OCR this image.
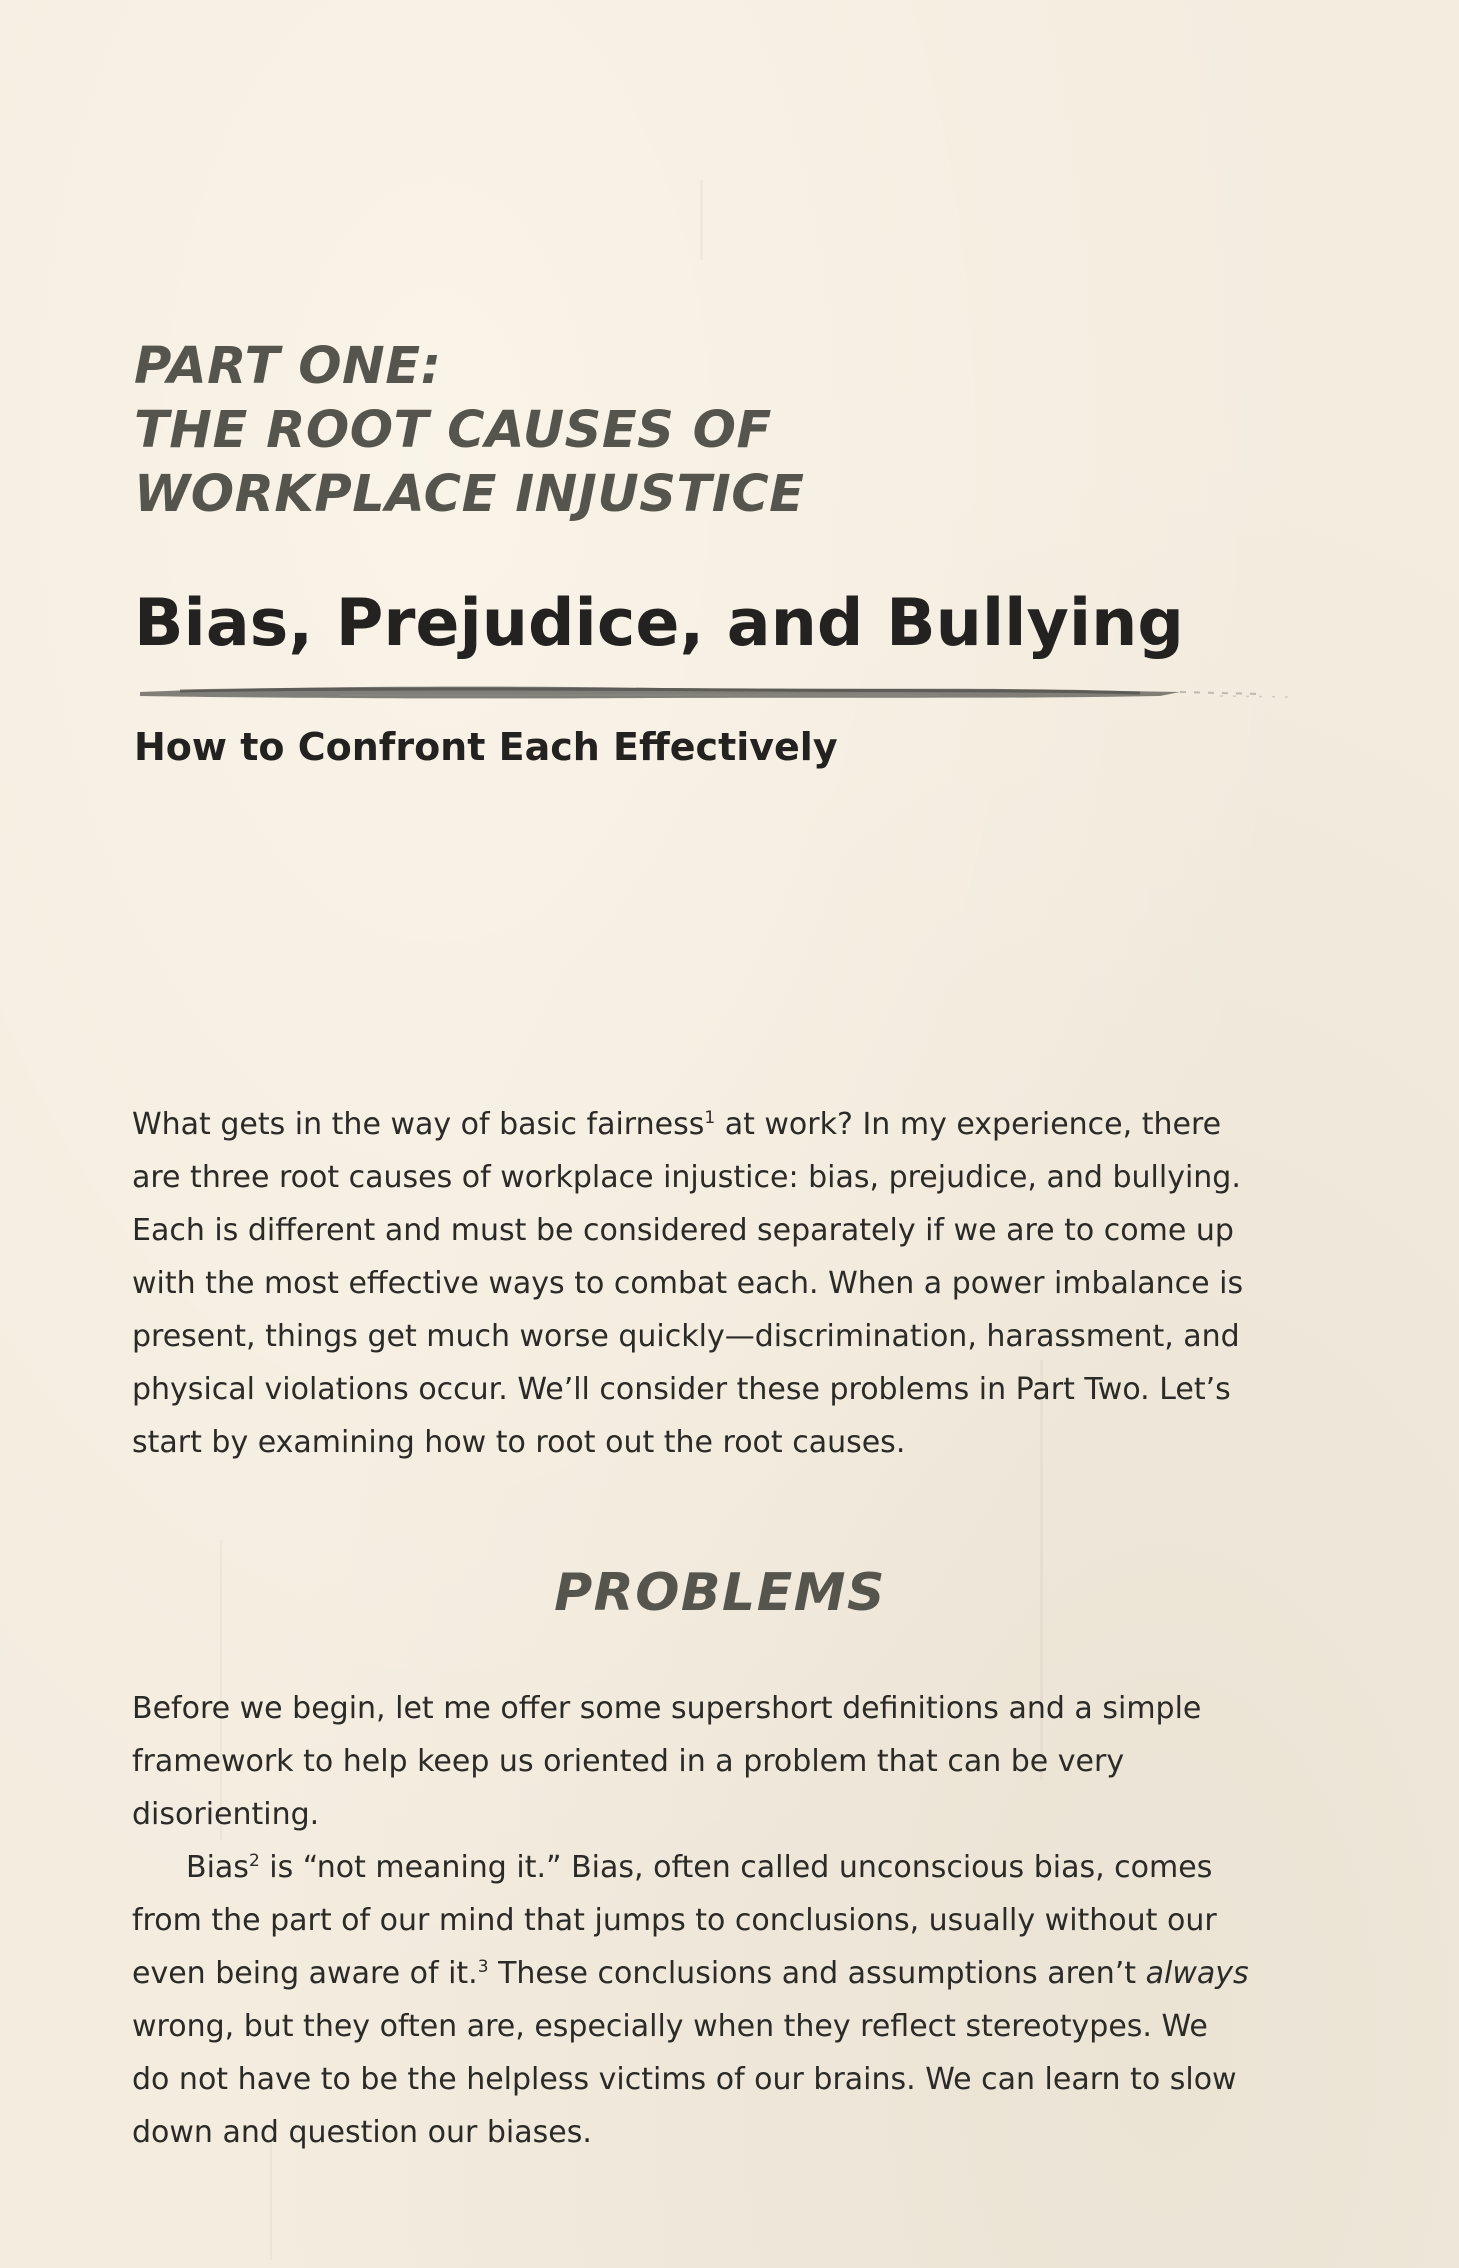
PART ONE:
THE ROOT CAUSES OF
WORKPLACE INJUSTICE
Bias, Prejudice, and Bullying
How to Confront Each Effectively
What gets in the way of basic fairness$^1$ at work? In my experience, there
are three root causes of workplace injustice: bias, prejudice, and bullying.
Each is different and must be considered separately if we are to come up
with the most effective ways to combat each. When a power imbalance is
present, things get much worse quickly—discrimination, harassment, and
physical violations occur. We’ll consider these problems in Part Two. Let’s
start by examining how to root out the root causes.
PROBLEMS
Before we begin, let me offer some supershort definitions and a simple
framework to help keep us oriented in a problem that can be very
disorienting.
Bias$^2$ is “not meaning it.” Bias, often called unconscious bias, comes
from the part of our mind that jumps to conclusions, usually without our
even being aware of it.$^3$ These conclusions and assumptions aren’t always
wrong, but they often are, especially when they reflect stereotypes. We
do not have to be the helpless victims of our brains. We can learn to slow
down and question our biases.
